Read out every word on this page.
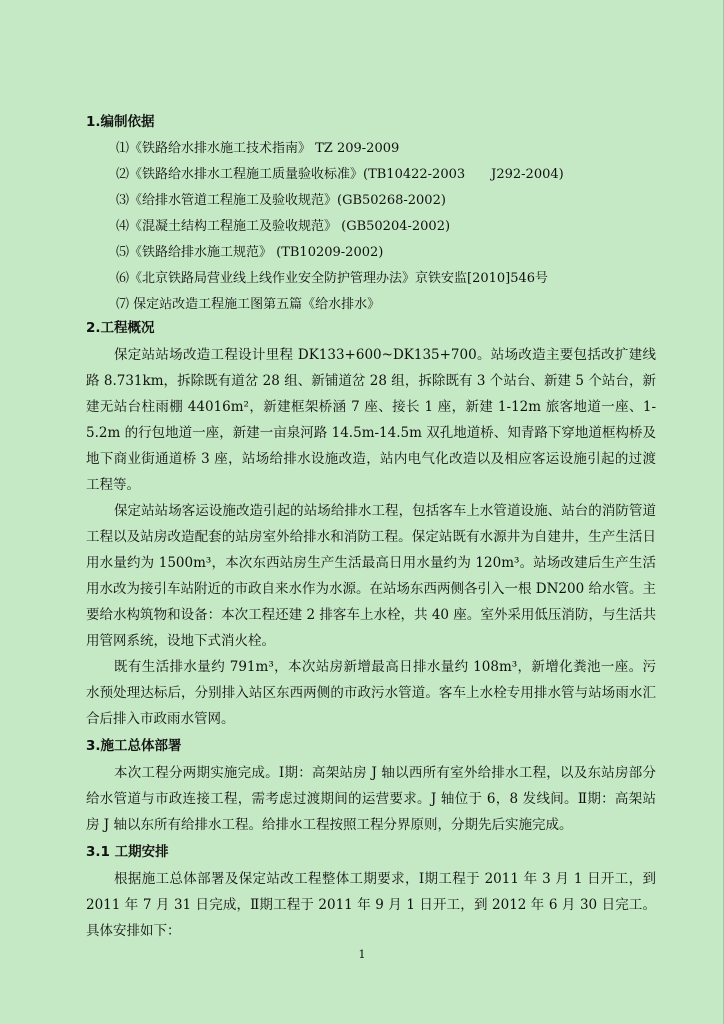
1.编制依据
⑴《铁路给水排水施工技术指南》 TZ 209-2009
⑵《铁路给水排水工程施工质量验收标准》(TB10422-2003　　J292-2004)
⑶《给排水管道工程施工及验收规范》(GB50268-2002)
⑷《混凝土结构工程施工及验收规范》 (GB50204-2002)
⑸《铁路给排水施工规范》 (TB10209-2002)
⑹《北京铁路局营业线上线作业安全防护管理办法》京铁安监[2010]546号
⑺ 保定站改造工程施工图第五篇《给水排水》
2.工程概况

保定站站场改造工程设计里程 DK133+600~DK135+700。站场改造主要包括改扩建线路 8.731km，拆除既有道岔 28 组、新铺道岔 28 组，拆除既有 3 个站台、新建 5 个站台，新建无站台柱雨棚 44016m²，新建框架桥涵 7 座、接长 1 座，新建 1-12m 旅客地道一座、1-5.2m 的行包地道一座，新建一亩泉河路 14.5m-14.5m 双孔地道桥、知青路下穿地道框构桥及地下商业街通道桥 3 座，站场给排水设施改造，站内电气化改造以及相应客运设施引起的过渡工程等。

保定站站场客运设施改造引起的站场给排水工程，包括客车上水管道设施、站台的消防管道工程以及站房改造配套的站房室外给排水和消防工程。保定站既有水源井为自建井，生产生活日用水量约为 1500m³，本次东西站房生产生活最高日用水量约为 120m³。站场改建后生产生活用水改为接引车站附近的市政自来水作为水源。在站场东西两侧各引入一根 DN200 给水管。主要给水构筑物和设备：本次工程还建 2 排客车上水栓，共 40 座。室外采用低压消防，与生活共用管网系统，设地下式消火栓。

既有生活排水量约 791m³，本次站房新增最高日排水量约 108m³，新增化粪池一座。污水预处理达标后，分别排入站区东西两侧的市政污水管道。客车上水栓专用排水管与站场雨水汇合后排入市政雨水管网。

3.施工总体部署

本次工程分两期实施完成。Ⅰ期：高架站房 J 轴以西所有室外给排水工程，以及东站房部分给水管道与市政连接工程，需考虑过渡期间的运营要求。J 轴位于 6，8 发线间。Ⅱ期：高架站房 J 轴以东所有给排水工程。给排水工程按照工程分界原则，分期先后实施完成。

3.1 工期安排

根据施工总体部署及保定站改工程整体工期要求，Ⅰ期工程于 2011 年 3 月 1 日开工，到 2011 年 7 月 31 日完成，Ⅱ期工程于 2011 年 9 月 1 日开工，到 2012 年 6 月 30 日完工。具体安排如下：

1
